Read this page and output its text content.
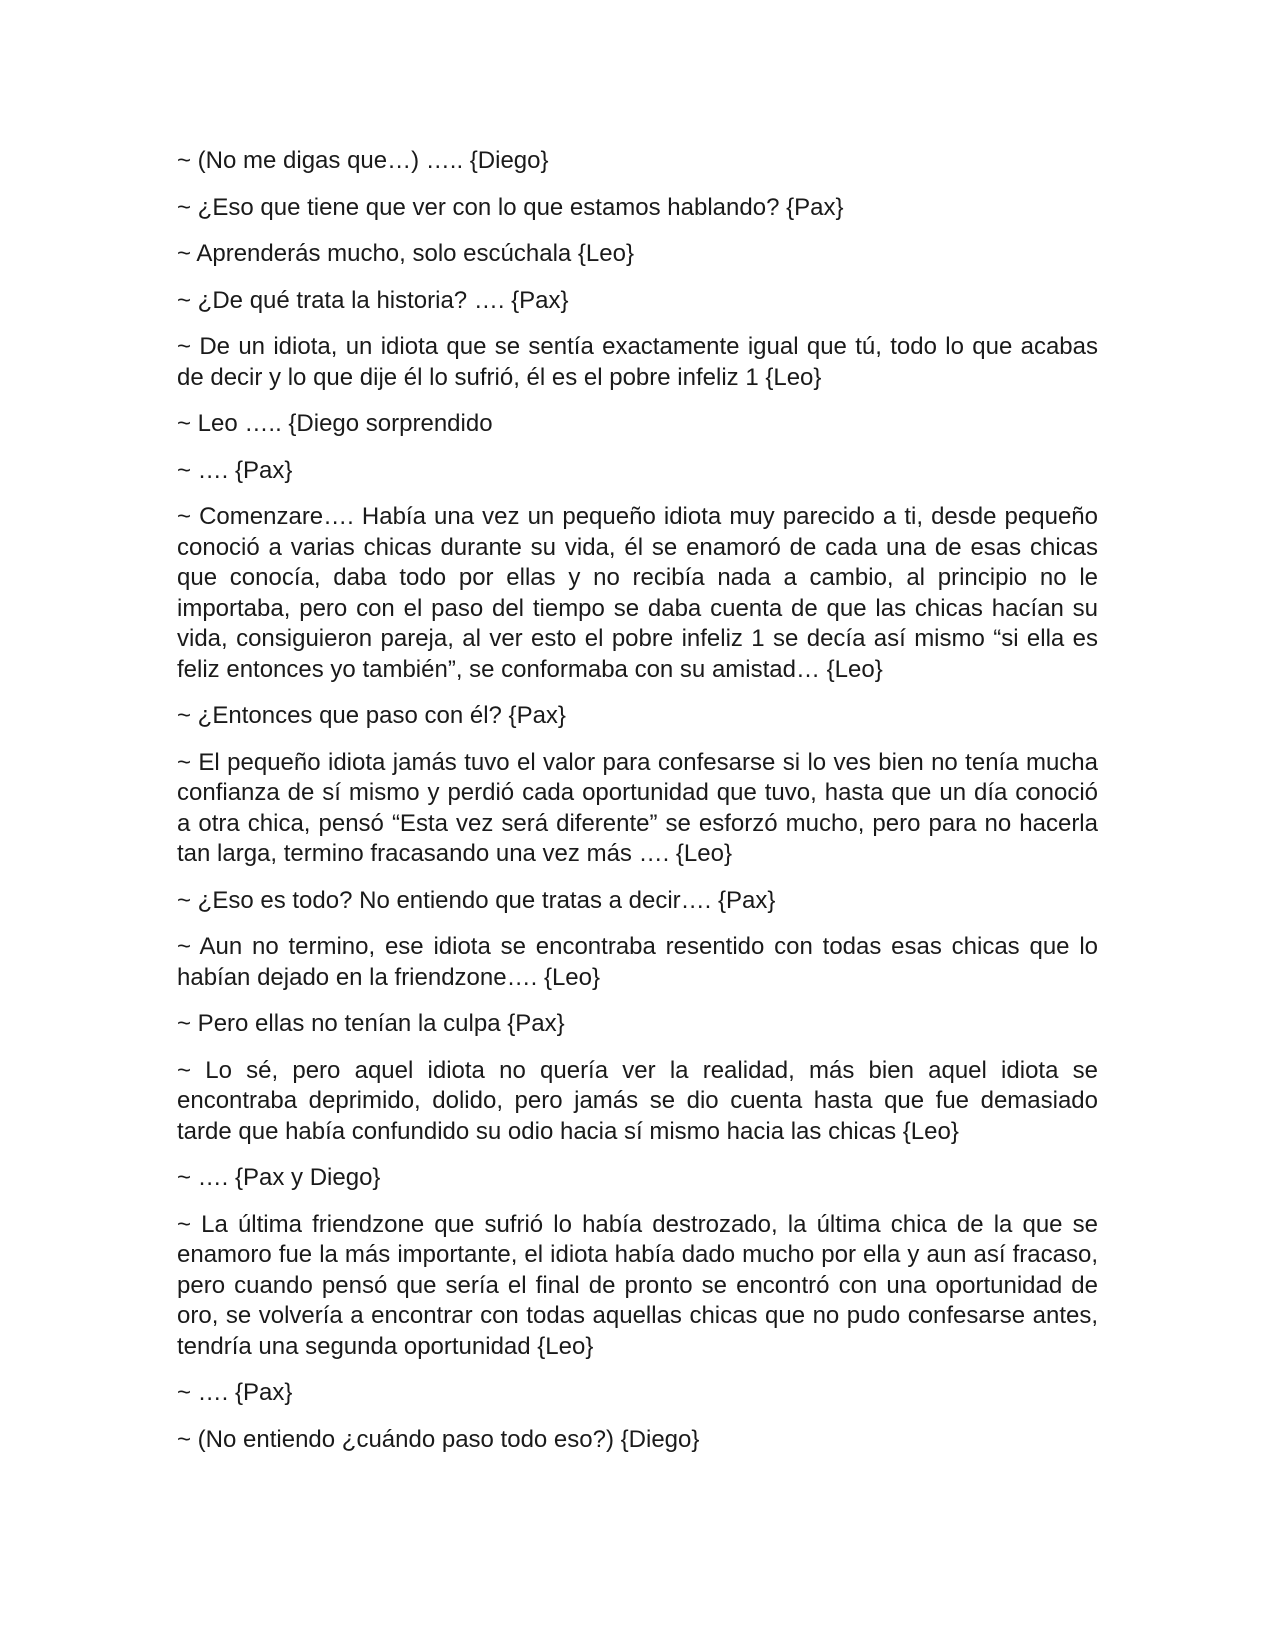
~ (No me digas que…) ….. {Diego}

~ ¿Eso que tiene que ver con lo que estamos hablando? {Pax}

~ Aprenderás mucho, solo escúchala {Leo}

~ ¿De qué trata la historia? …. {Pax}

~ De un idiota, un idiota que se sentía exactamente igual que tú, todo lo que acabas de decir y lo que dije él lo sufrió, él es el pobre infeliz 1 {Leo}

~ Leo ….. {Diego sorprendido

~ …. {Pax}

~ Comenzare…. Había una vez un pequeño idiota muy parecido a ti, desde pequeño conoció a varias chicas durante su vida, él se enamoró de cada una de esas chicas que conocía, daba todo por ellas y no recibía nada a cambio, al principio no le importaba, pero con el paso del tiempo se daba cuenta de que las chicas hacían su vida, consiguieron pareja, al ver esto el pobre infeliz 1 se decía así mismo “si ella es feliz entonces yo también”, se conformaba con su amistad… {Leo}

~ ¿Entonces que paso con él? {Pax}

~ El pequeño idiota jamás tuvo el valor para confesarse si lo ves bien no tenía mucha confianza de sí mismo y perdió cada oportunidad que tuvo, hasta que un día conoció a otra chica, pensó “Esta vez será diferente” se esforzó mucho, pero para no hacerla tan larga, termino fracasando una vez más …. {Leo}

~ ¿Eso es todo? No entiendo que tratas a decir…. {Pax}

~ Aun no termino, ese idiota se encontraba resentido con todas esas chicas que lo habían dejado en la friendzone…. {Leo}

~ Pero ellas no tenían la culpa {Pax}

~ Lo sé, pero aquel idiota no quería ver la realidad, más bien aquel idiota se encontraba deprimido, dolido, pero jamás se dio cuenta hasta que fue demasiado tarde que había confundido su odio hacia sí mismo hacia las chicas {Leo}

~ …. {Pax y Diego}

~ La última friendzone que sufrió lo había destrozado, la última chica de la que se enamoro fue la más importante, el idiota había dado mucho por ella y aun así fracaso, pero cuando pensó que sería el final de pronto se encontró con una oportunidad de oro, se volvería a encontrar con todas aquellas chicas que no pudo confesarse antes, tendría una segunda oportunidad {Leo}

~ …. {Pax}

~ (No entiendo ¿cuándo paso todo eso?) {Diego}
